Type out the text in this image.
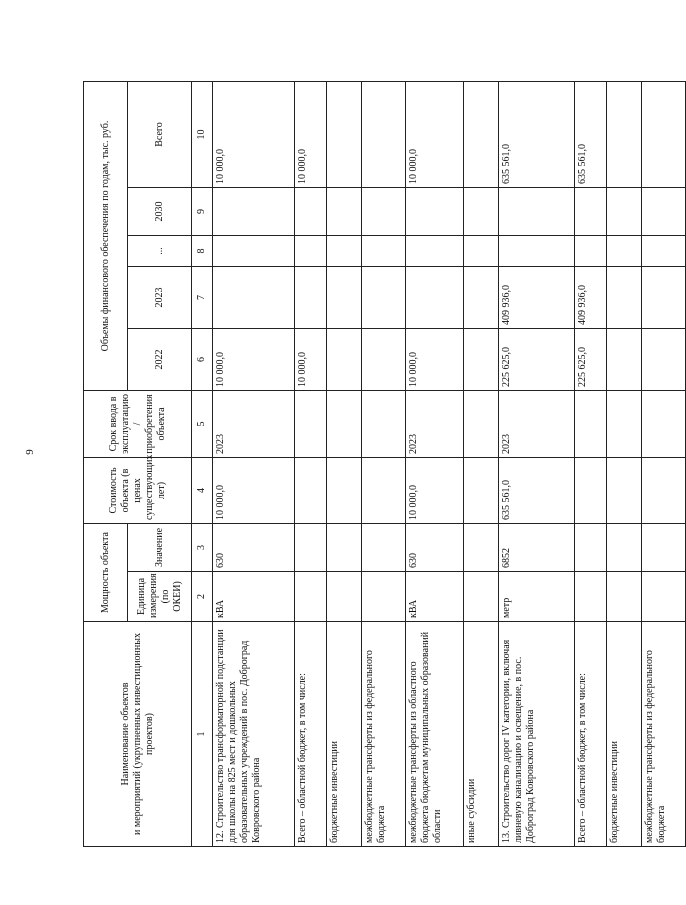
9
Наименование объектов
и мероприятий (укрупненных инвестиционных проектов)	Мощность объекта		Стоимость объекта (в ценах существующих лет)	Срок ввода в эксплуатацию / приобретения объекта	Объемы финансового обеспечения по годам, тыс. руб.				
	Единица измерения (по ОКЕИ)	Значение			2022	2023	...	2030	Всего
1	2	3	4	5	6	7	8	9	10
12. Строительство трансформаторной подстанции для школы на 825 мест и дошкольных образовательных учреждений в пос. Доброград Ковровского района	кВА	630	10 000,0	2023	10 000,0				10 000,0
Всего – областной бюджет, в том числе:					10 000,0				10 000,0
бюджетные инвестиции									
межбюджетные трансферты из федерального бюджета									
межбюджетные трансферты из областного бюджета бюджетам муниципальных образований области	кВА	630	10 000,0	2023	10 000,0				10 000,0
иные субсидии									
13. Строительство дорог IV категории, включая ливневую канализацию и освещение, в пос. Доброград Ковровского района	метр	6852	635 561,0	2023	225 625,0	409 936,0			635 561,0
Всего – областной бюджет, в том числе:					225 625,0	409 936,0			635 561,0
бюджетные инвестиции									
межбюджетные трансферты из федерального бюджета									
